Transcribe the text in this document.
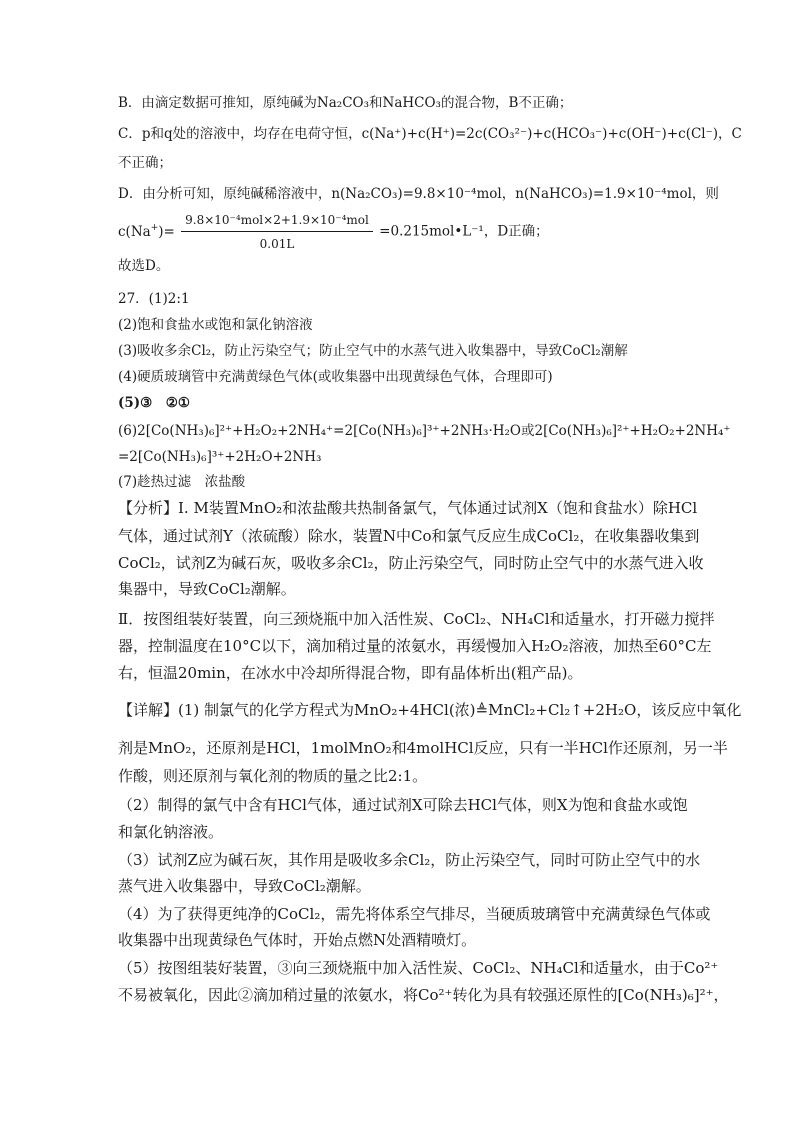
B．由滴定数据可推知，原纯碱为Na₂CO₃和NaHCO₃的混合物，B不正确；
C．p和q处的溶液中，均存在电荷守恒，c(Na⁺)+c(H⁺)=2c(CO₃²⁻)+c(HCO₃⁻)+c(OH⁻)+c(Cl⁻)，C
不正确；
D．由分析可知，原纯碱稀溶液中，n(Na₂CO₃)=9.8×10⁻⁴mol，n(NaHCO₃)=1.9×10⁻⁴mol，则
$c(Na^+)= \frac{\text{9.8×10⁻⁴mol×2+1.9×10⁻⁴mol}}{0.01L}$ =0.215mol•L⁻¹，D正确；
故选D。
27．(1)2:1
(2)饱和食盐水或饱和氯化钠溶液
(3)吸收多余Cl₂，防止污染空气；防止空气中的水蒸气进入收集器中，导致CoCl₂潮解
(4)硬质玻璃管中充满黄绿色气体(或收集器中出现黄绿色气体，合理即可)
(5)③　②①
(6)2[Co(NH₃)₆]²⁺+H₂O₂+2NH₄⁺=2[Co(NH₃)₆]³⁺+2NH₃·H₂O或2[Co(NH₃)₆]²⁺+H₂O₂+2NH₄⁺
=2[Co(NH₃)₆]³⁺+2H₂O+2NH₃
(7)趁热过滤　浓盐酸
【分析】Ⅰ. M装置MnO₂和浓盐酸共热制备氯气，气体通过试剂X（饱和食盐水）除HCl
气体，通过试剂Y（浓硫酸）除水，装置N中Co和氯气反应生成CoCl₂，在收集器收集到
CoCl₂，试剂Z为碱石灰，吸收多余Cl₂，防止污染空气，同时防止空气中的水蒸气进入收
集器中，导致CoCl₂潮解。
Ⅱ．按图组装好装置，向三颈烧瓶中加入活性炭、CoCl₂、NH₄Cl和适量水，打开磁力搅拌
器，控制温度在10°C以下，滴加稍过量的浓氨水，再缓慢加入H₂O₂溶液，加热至60°C左
右，恒温20min，在冰水中冷却所得混合物，即有晶体析出(粗产品)。
【详解】(1) 制氯气的化学方程式为MnO₂+4HCl(浓)≜MnCl₂+Cl₂↑+2H₂O，该反应中氧化
剂是MnO₂，还原剂是HCl，1molMnO₂和4molHCl反应，只有一半HCl作还原剂，另一半
作酸，则还原剂与氧化剂的物质的量之比2:1。
（2）制得的氯气中含有HCl气体，通过试剂X可除去HCl气体，则X为饱和食盐水或饱
和氯化钠溶液。
（3）试剂Z应为碱石灰，其作用是吸收多余Cl₂，防止污染空气，同时可防止空气中的水
蒸气进入收集器中，导致CoCl₂潮解。
（4）为了获得更纯净的CoCl₂，需先将体系空气排尽，当硬质玻璃管中充满黄绿色气体或
收集器中出现黄绿色气体时，开始点燃N处酒精喷灯。
（5）按图组装好装置，③向三颈烧瓶中加入活性炭、CoCl₂、NH₄Cl和适量水，由于Co²⁺
不易被氧化，因此②滴加稍过量的浓氨水，将Co²⁺转化为具有较强还原性的[Co(NH₃)₆]²⁺，
